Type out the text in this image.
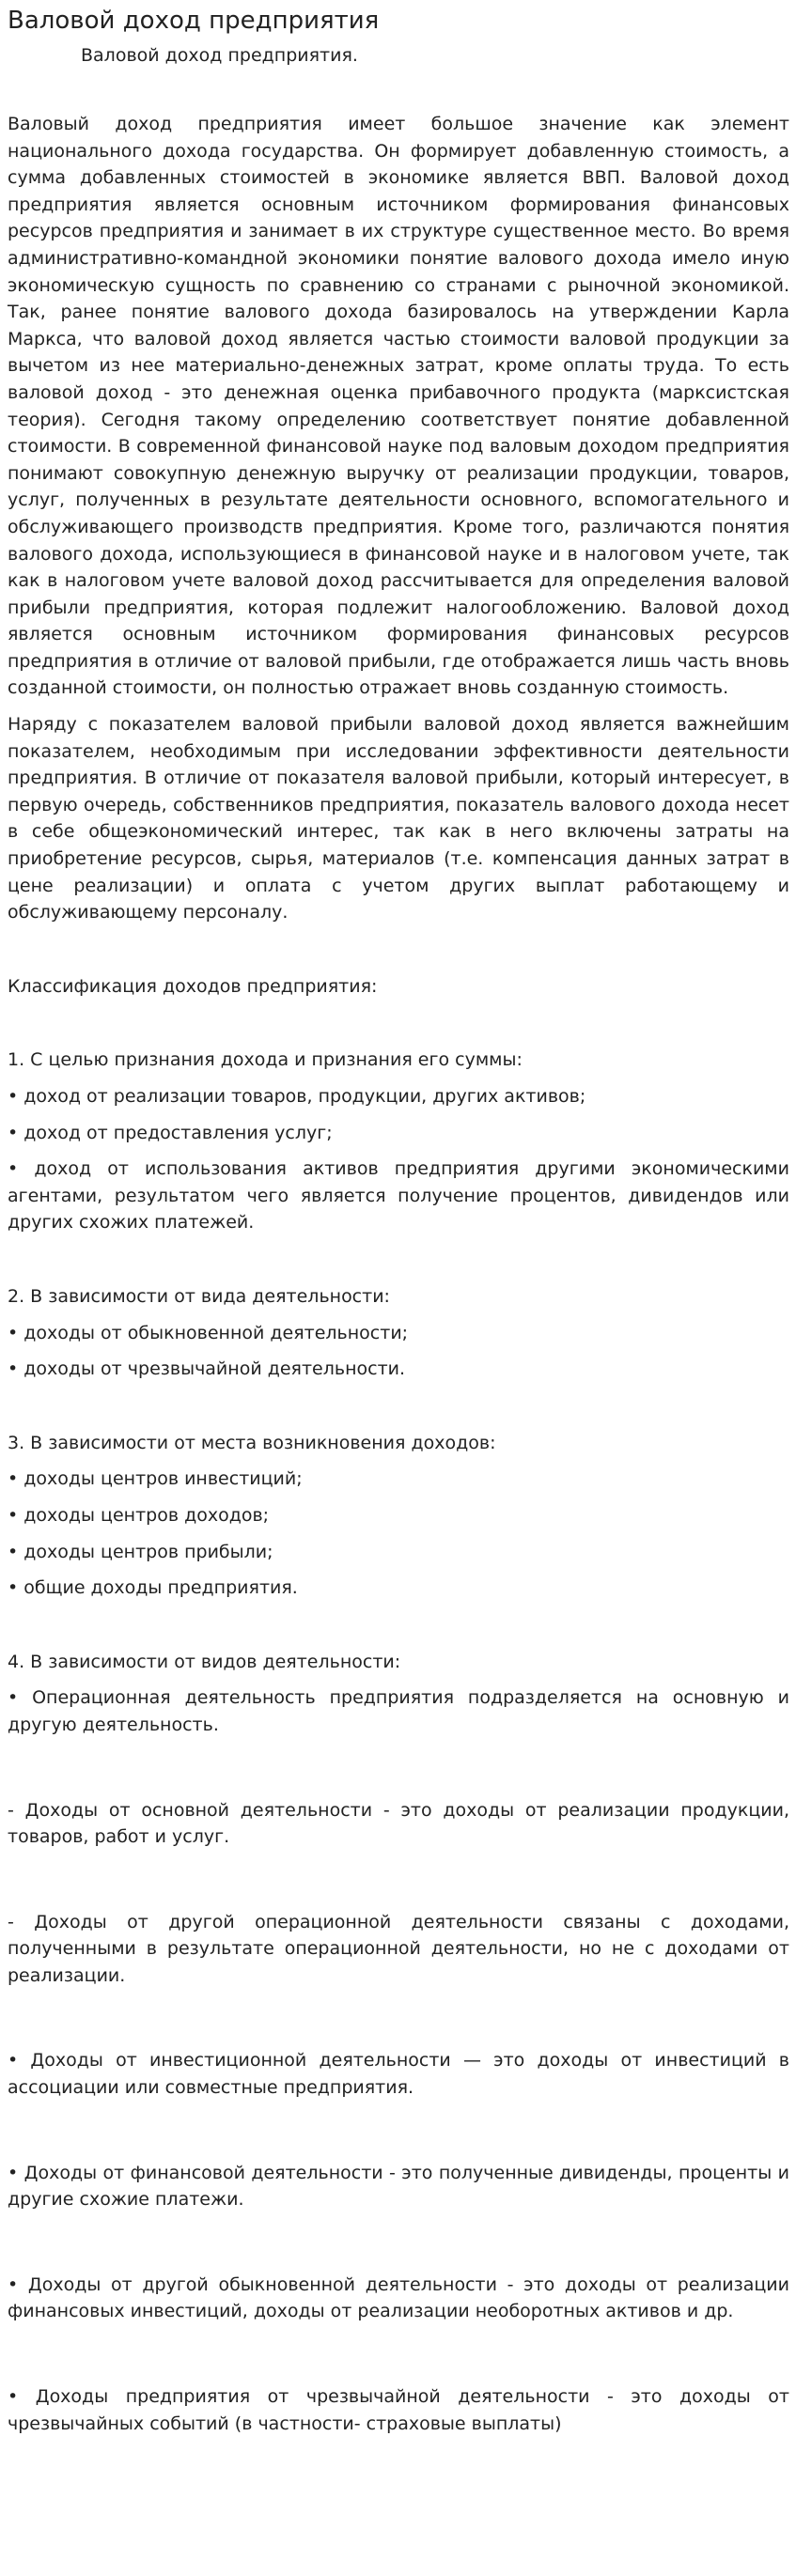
Валовой доход предприятия
Валовой доход предприятия.

Валовый доход предприятия имеет большое значение как элемент национального дохода государства. Он формирует добавленную стоимость, а сумма добавленных стоимостей в экономике является ВВП. Валовой доход предприятия является основным источником формирования финансовых ресурсов предприятия и занимает в их структуре существенное место. Во время административно-командной экономики понятие валового дохода имело иную экономическую сущность по сравнению со странами с рыночной экономикой. Так, ранее понятие валового дохода базировалось на утверждении Карла Маркса, что валовой доход является частью стоимости валовой продукции за вычетом из нее материально-денежных затрат, кроме оплаты труда. То есть валовой доход - это денежная оценка прибавочного продукта (марксистская теория). Сегодня такому определению соответствует понятие добавленной стоимости. В современной финансовой науке под валовым доходом предприятия понимают совокупную денежную выручку от реализации продукции, товаров, услуг, полученных в результате деятельности основного, вспомогательного и обслуживающего производств предприятия. Кроме того, различаются понятия валового дохода, использующиеся в финансовой науке и в налоговом учете, так как в налоговом учете валовой доход рассчитывается для определения валовой прибыли предприятия, которая подлежит налогообложению. Валовой доход является основным источником формирования финансовых ресурсов предприятия в отличие от валовой прибыли, где отображается лишь часть вновь созданной стоимости, он полностью отражает вновь созданную стоимость.

Наряду с показателем валовой прибыли валовой доход является важнейшим показателем, необходимым при исследовании эффективности деятельности предприятия. В отличие от показателя валовой прибыли, который интересует, в первую очередь, собственников предприятия, показатель валового дохода несет в себе общеэкономический интерес, так как в него включены затраты на приобретение ресурсов, сырья, материалов (т.е. компенсация данных затрат в цене реализации) и оплата с учетом других выплат работающему и обслуживающему персоналу.

Классификация доходов предприятия:

1. С целью признания дохода и признания его суммы:

• доход от реализации товаров, продукции, других активов;

• доход от предоставления услуг;

• доход от использования активов предприятия другими экономическими агентами, результатом чего является получение процентов, дивидендов или других схожих платежей.

2. В зависимости от вида деятельности:

• доходы от обыкновенной деятельности;

• доходы от чрезвычайной деятельности.

3. В зависимости от места возникновения доходов:

• доходы центров инвестиций;

• доходы центров доходов;

• доходы центров прибыли;

• общие доходы предприятия.

4. В зависимости от видов деятельности:

• Операционная деятельность предприятия подразделяется на основную и другую деятельность.

- Доходы от основной деятельности - это доходы от реализации продукции, товаров, работ и услуг.

- Доходы от другой операционной деятельности связаны с доходами, полученными в результате операционной деятельности, но не с доходами от реализации.

• Доходы от инвестиционной деятельности — это доходы от инвестиций в ассоциации или совместные предприятия.

• Доходы от финансовой деятельности - это полученные дивиденды, проценты и другие схожие платежи.

• Доходы от другой обыкновенной деятельности - это доходы от реализации финансовых инвестиций, доходы от реализации необоротных активов и др.

• Доходы предприятия от чрезвычайной деятельности - это доходы от чрезвычайных событий (в частности- страховые выплаты)
